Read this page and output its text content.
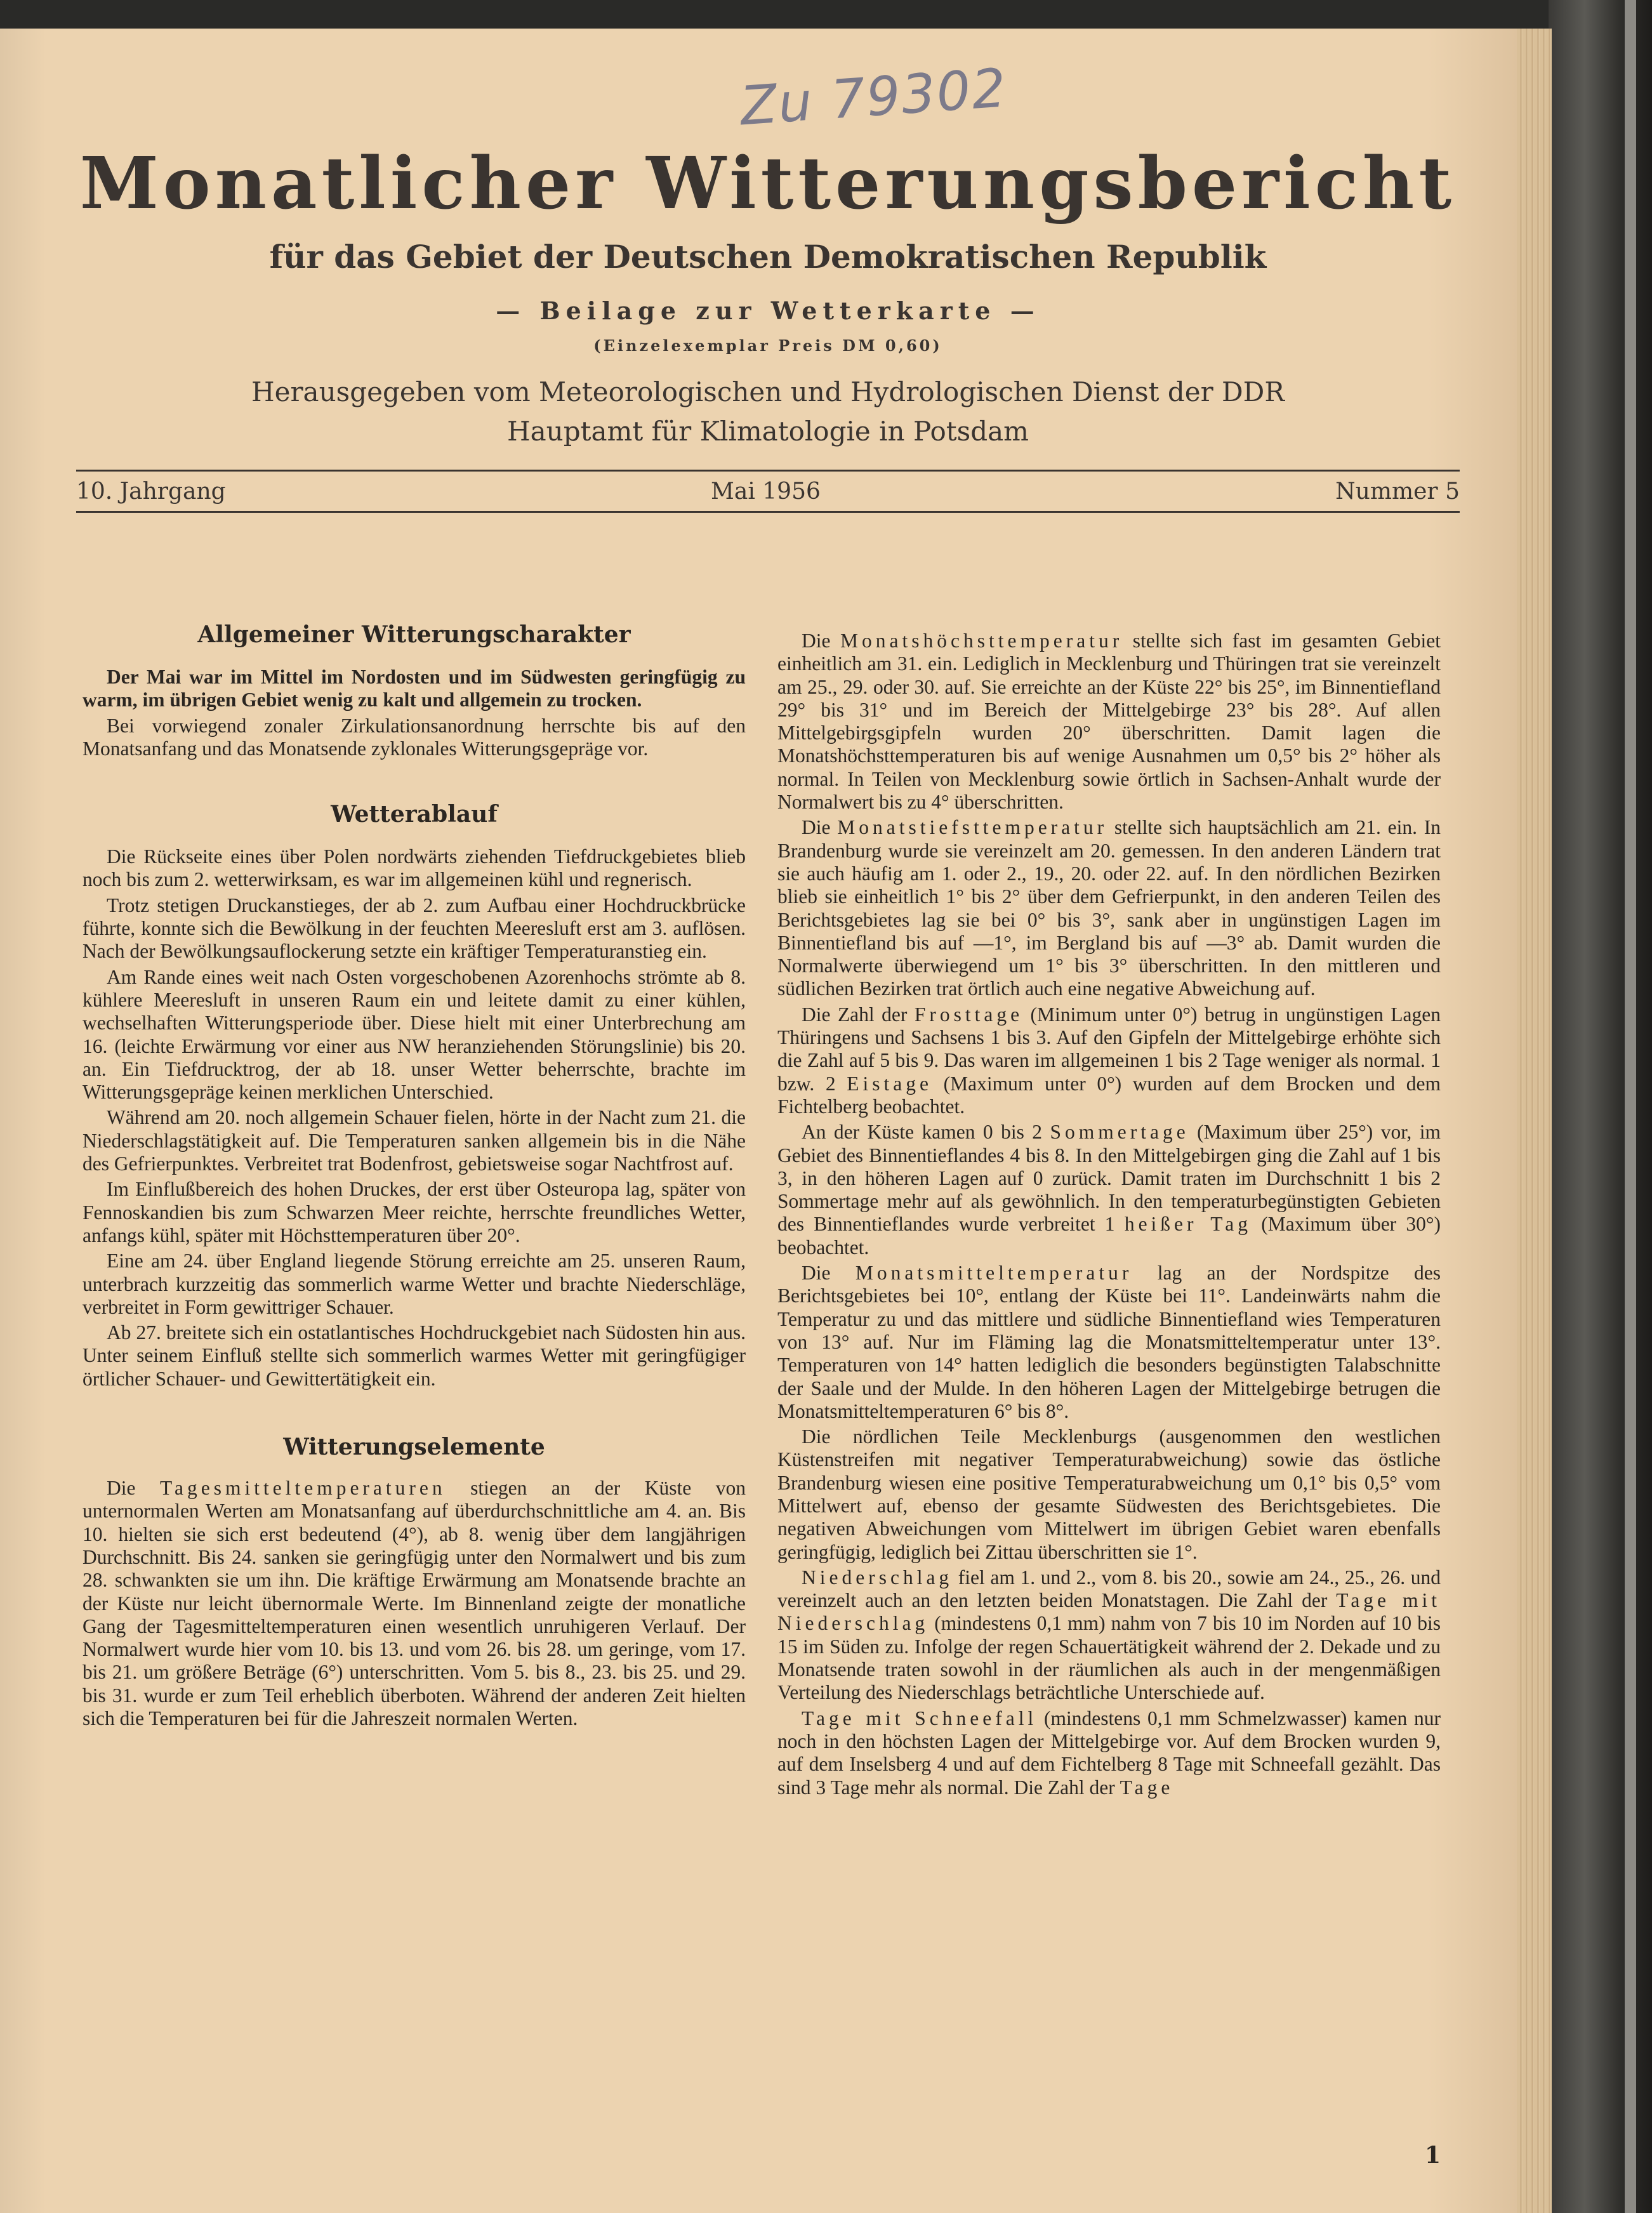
Zu 79302
Monatlicher Witterungsbericht
für das Gebiet der Deutschen Demokratischen Republik
— Beilage zur Wetterkarte —
(Einzelexemplar Preis DM 0,60)
Herausgegeben vom Meteorologischen und Hydrologischen Dienst der DDR
Hauptamt für Klimatologie in Potsdam
10. Jahrgang	Mai 1956	Nummer 5
Allgemeiner Witterungscharakter

Der Mai war im Mittel im Nordosten und im Südwesten geringfügig zu warm, im übrigen Gebiet wenig zu kalt und allgemein zu trocken.

Bei vorwiegend zonaler Zirkulationsanordnung herrschte bis auf den Monatsanfang und das Monatsende zyklonales Witterungsgepräge vor.

Wetterablauf

Die Rückseite eines über Polen nordwärts ziehenden Tiefdruckgebietes blieb noch bis zum 2. wetterwirksam, es war im allgemeinen kühl und regnerisch.

Trotz stetigen Druckanstieges, der ab 2. zum Aufbau einer Hochdruckbrücke führte, konnte sich die Bewölkung in der feuchten Meeresluft erst am 3. auflösen. Nach der Bewölkungsauflockerung setzte ein kräftiger Temperaturanstieg ein.

Am Rande eines weit nach Osten vorgeschobenen Azorenhochs strömte ab 8. kühlere Meeresluft in unseren Raum ein und leitete damit zu einer kühlen, wechselhaften Witterungsperiode über. Diese hielt mit einer Unterbrechung am 16. (leichte Erwärmung vor einer aus NW heranziehenden Störungslinie) bis 20. an. Ein Tiefdrucktrog, der ab 18. unser Wetter beherrschte, brachte im Witterungsgepräge keinen merklichen Unterschied.

Während am 20. noch allgemein Schauer fielen, hörte in der Nacht zum 21. die Niederschlagstätigkeit auf. Die Temperaturen sanken allgemein bis in die Nähe des Gefrierpunktes. Verbreitet trat Bodenfrost, gebietsweise sogar Nachtfrost auf.

Im Einflußbereich des hohen Druckes, der erst über Osteuropa lag, später von Fennoskandien bis zum Schwarzen Meer reichte, herrschte freundliches Wetter, anfangs kühl, später mit Höchsttemperaturen über 20°.

Eine am 24. über England liegende Störung erreichte am 25. unseren Raum, unterbrach kurzzeitig das sommerlich warme Wetter und brachte Niederschläge, verbreitet in Form gewittriger Schauer.

Ab 27. breitete sich ein ostatlantisches Hochdruckgebiet nach Südosten hin aus. Unter seinem Einfluß stellte sich sommerlich warmes Wetter mit geringfügiger örtlicher Schauer- und Gewittertätigkeit ein.

Witterungselemente

Die Tagesmitteltemperaturen stiegen an der Küste von unternormalen Werten am Monatsanfang auf überdurchschnittliche am 4. an. Bis 10. hielten sie sich erst bedeutend (4°), ab 8. wenig über dem langjährigen Durchschnitt. Bis 24. sanken sie geringfügig unter den Normalwert und bis zum 28. schwankten sie um ihn. Die kräftige Erwärmung am Monatsende brachte an der Küste nur leicht übernormale Werte. Im Binnenland zeigte der monatliche Gang der Tagesmitteltemperaturen einen wesentlich unruhigeren Verlauf. Der Normalwert wurde hier vom 10. bis 13. und vom 26. bis 28. um geringe, vom 17. bis 21. um größere Beträge (6°) unterschritten. Vom 5. bis 8., 23. bis 25. und 29. bis 31. wurde er zum Teil erheblich überboten. Während der anderen Zeit hielten sich die Temperaturen bei für die Jahreszeit normalen Werten.

Die Monatshöchsttemperatur stellte sich fast im gesamten Gebiet einheitlich am 31. ein. Lediglich in Mecklenburg und Thüringen trat sie vereinzelt am 25., 29. oder 30. auf. Sie erreichte an der Küste 22° bis 25°, im Binnentiefland 29° bis 31° und im Bereich der Mittelgebirge 23° bis 28°. Auf allen Mittelgebirgsgipfeln wurden 20° überschritten. Damit lagen die Monatshöchsttemperaturen bis auf wenige Ausnahmen um 0,5° bis 2° höher als normal. In Teilen von Mecklenburg sowie örtlich in Sachsen-Anhalt wurde der Normalwert bis zu 4° überschritten.

Die Monatstiefsttemperatur stellte sich hauptsächlich am 21. ein. In Brandenburg wurde sie vereinzelt am 20. gemessen. In den anderen Ländern trat sie auch häufig am 1. oder 2., 19., 20. oder 22. auf. In den nördlichen Bezirken blieb sie einheitlich 1° bis 2° über dem Gefrierpunkt, in den anderen Teilen des Berichtsgebietes lag sie bei 0° bis 3°, sank aber in ungünstigen Lagen im Binnentiefland bis auf —1°, im Bergland bis auf —3° ab. Damit wurden die Normalwerte überwiegend um 1° bis 3° überschritten. In den mittleren und südlichen Bezirken trat örtlich auch eine negative Abweichung auf.

Die Zahl der Frosttage (Minimum unter 0°) betrug in ungünstigen Lagen Thüringens und Sachsens 1 bis 3. Auf den Gipfeln der Mittelgebirge erhöhte sich die Zahl auf 5 bis 9. Das waren im allgemeinen 1 bis 2 Tage weniger als normal. 1 bzw. 2 Eistage (Maximum unter 0°) wurden auf dem Brocken und dem Fichtelberg beobachtet.

An der Küste kamen 0 bis 2 Sommertage (Maximum über 25°) vor, im Gebiet des Binnentieflandes 4 bis 8. In den Mittelgebirgen ging die Zahl auf 1 bis 3, in den höheren Lagen auf 0 zurück. Damit traten im Durchschnitt 1 bis 2 Sommertage mehr auf als gewöhnlich. In den temperaturbegünstigten Gebieten des Binnentieflandes wurde verbreitet 1 heißer Tag (Maximum über 30°) beobachtet.

Die Monatsmitteltemperatur lag an der Nordspitze des Berichtsgebietes bei 10°, entlang der Küste bei 11°. Landeinwärts nahm die Temperatur zu und das mittlere und südliche Binnentiefland wies Temperaturen von 13° auf. Nur im Fläming lag die Monatsmitteltemperatur unter 13°. Temperaturen von 14° hatten lediglich die besonders begünstigten Talabschnitte der Saale und der Mulde. In den höheren Lagen der Mittelgebirge betrugen die Monatsmitteltemperaturen 6° bis 8°.

Die nördlichen Teile Mecklenburgs (ausgenommen den westlichen Küstenstreifen mit negativer Temperaturabweichung) sowie das östliche Brandenburg wiesen eine positive Temperaturabweichung um 0,1° bis 0,5° vom Mittelwert auf, ebenso der gesamte Südwesten des Berichtsgebietes. Die negativen Abweichungen vom Mittelwert im übrigen Gebiet waren ebenfalls geringfügig, lediglich bei Zittau überschritten sie 1°.

Niederschlag fiel am 1. und 2., vom 8. bis 20., sowie am 24., 25., 26. und vereinzelt auch an den letzten beiden Monatstagen. Die Zahl der Tage mit Niederschlag (mindestens 0,1 mm) nahm von 7 bis 10 im Norden auf 10 bis 15 im Süden zu. Infolge der regen Schauertätigkeit während der 2. Dekade und zu Monatsende traten sowohl in der räumlichen als auch in der mengenmäßigen Verteilung des Niederschlags beträchtliche Unterschiede auf.

Tage mit Schneefall (mindestens 0,1 mm Schmelzwasser) kamen nur noch in den höchsten Lagen der Mittelgebirge vor. Auf dem Brocken wurden 9, auf dem Inselsberg 4 und auf dem Fichtelberg 8 Tage mit Schneefall gezählt. Das sind 3 Tage mehr als normal. Die Zahl der Tage

1
